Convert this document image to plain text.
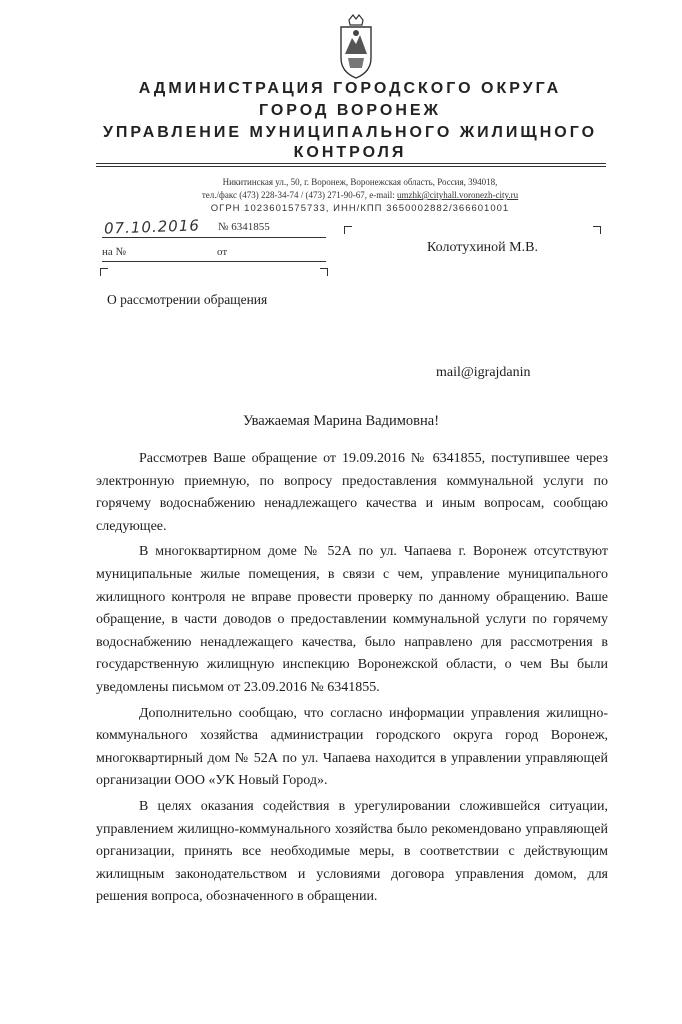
АДМИНИСТРАЦИЯ ГОРОДСКОГО ОКРУГА
ГОРОД ВОРОНЕЖ
УПРАВЛЕНИЕ МУНИЦИПАЛЬНОГО ЖИЛИЩНОГО
КОНТРОЛЯ
Никитинская ул., 50, г. Воронеж, Воронежская область, Россия, 394018,
тел./факс (473) 228-34-74 / (473) 271-90-67, e-mail: umzhk@cityhall.voronezh-city.ru
ОГРН 1023601575733, ИНН/КПП 3650002882/366601001
07.10.2016 № 6341855
на №	от	Колотухиной М.В.
О рассмотрении обращения
mail@igrajdanin
Уважаемая Марина Вадимовна!

Рассмотрев Ваше обращение от 19.09.2016 № 6341855, поступившее через электронную приемную, по вопросу предоставления коммунальной услуги по горячему водоснабжению ненадлежащего качества и иным вопросам, сообщаю следующее.

В многоквартирном доме № 52А по ул. Чапаева г. Воронеж отсутствуют муниципальные жилые помещения, в связи с чем, управление муниципального жилищного контроля не вправе провести проверку по данному обращению. Ваше обращение, в части доводов о предоставлении коммунальной услуги по горячему водоснабжению ненадлежащего качества, было направлено для рассмотрения в государственную жилищную инспекцию Воронежской области, о чем Вы были уведомлены письмом от 23.09.2016 № 6341855.

Дополнительно сообщаю, что согласно информации управления жилищно-коммунального хозяйства администрации городского округа город Воронеж, многоквартирный дом № 52А по ул. Чапаева находится в управлении управляющей организации ООО «УК Новый Город».

В целях оказания содействия в урегулировании сложившейся ситуации, управлением жилищно-коммунального хозяйства было рекомендовано управляющей организации, принять все необходимые меры, в соответствии с действующим жилищным законодательством и условиями договора управления домом, для решения вопроса, обозначенного в обращении.
